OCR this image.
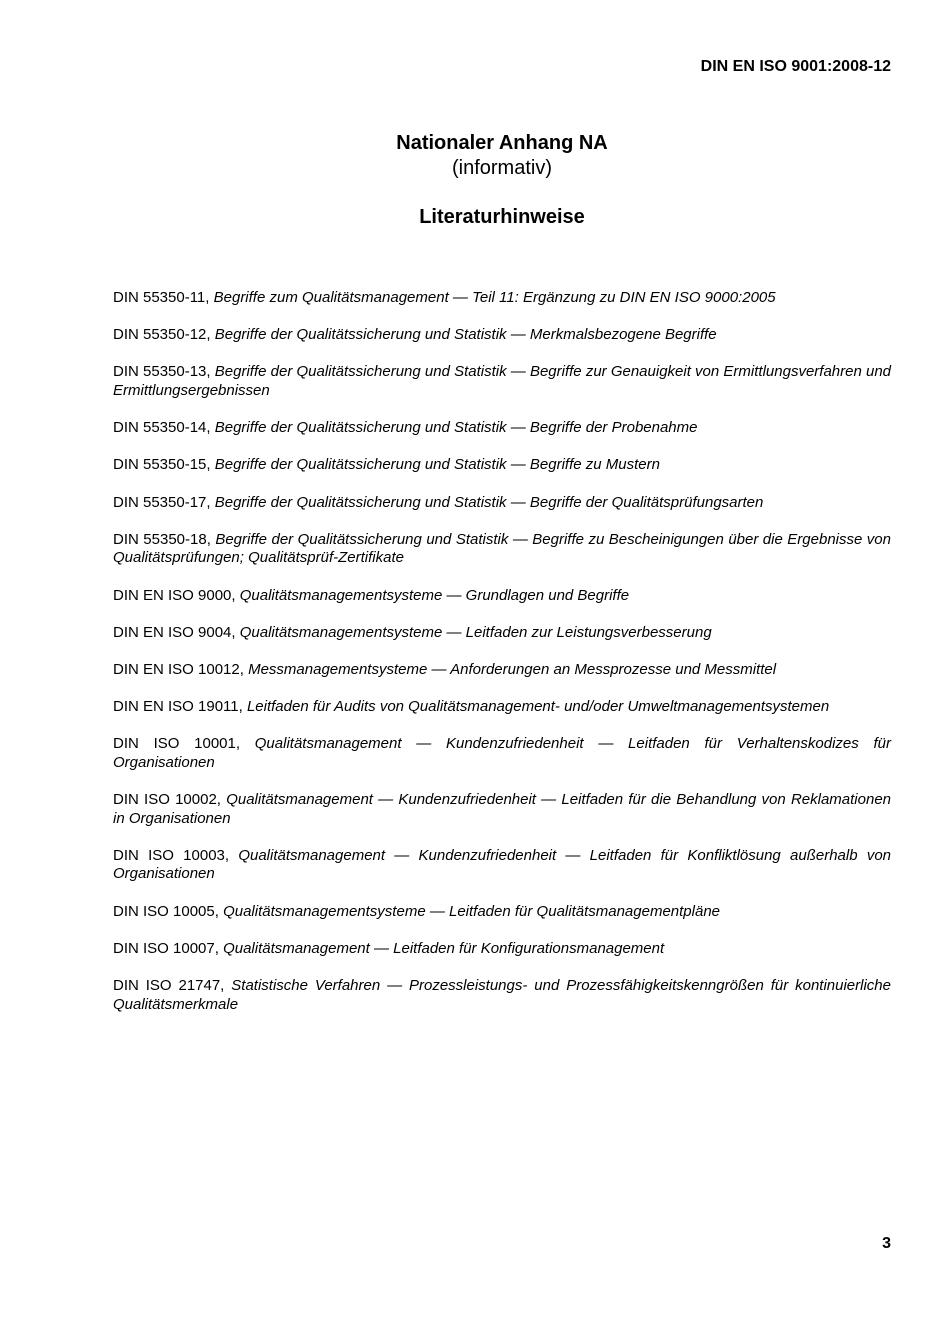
DIN EN ISO 9001:2008-12
Nationaler Anhang NA
(informativ)
Literaturhinweise

DIN 55350-11, Begriffe zum Qualitätsmanagement — Teil 11: Ergänzung zu DIN EN ISO 9000:2005

DIN 55350-12, Begriffe der Qualitätssicherung und Statistik — Merkmalsbezogene Begriffe

DIN 55350-13, Begriffe der Qualitätssicherung und Statistik — Begriffe zur Genauigkeit von Ermittlungsverfahren und Ermittlungsergebnissen

DIN 55350-14, Begriffe der Qualitätssicherung und Statistik — Begriffe der Probenahme

DIN 55350-15, Begriffe der Qualitätssicherung und Statistik — Begriffe zu Mustern

DIN 55350-17, Begriffe der Qualitätssicherung und Statistik — Begriffe der Qualitätsprüfungsarten

DIN 55350-18, Begriffe der Qualitätssicherung und Statistik — Begriffe zu Bescheinigungen über die Ergebnisse von Qualitätsprüfungen; Qualitätsprüf-Zertifikate

DIN EN ISO 9000, Qualitätsmanagementsysteme — Grundlagen und Begriffe

DIN EN ISO 9004, Qualitätsmanagementsysteme — Leitfaden zur Leistungsverbesserung

DIN EN ISO 10012, Messmanagementsysteme — Anforderungen an Messprozesse und Messmittel

DIN EN ISO 19011, Leitfaden für Audits von Qualitätsmanagement- und/oder Umweltmanagementsystemen

DIN ISO 10001, Qualitätsmanagement — Kundenzufriedenheit — Leitfaden für Verhaltenskodizes für Organisationen

DIN ISO 10002, Qualitätsmanagement — Kundenzufriedenheit — Leitfaden für die Behandlung von Reklamationen in Organisationen

DIN ISO 10003, Qualitätsmanagement — Kundenzufriedenheit — Leitfaden für Konfliktlösung außerhalb von Organisationen

DIN ISO 10005, Qualitätsmanagementsysteme — Leitfaden für Qualitätsmanagementpläne

DIN ISO 10007, Qualitätsmanagement — Leitfaden für Konfigurationsmanagement

DIN ISO 21747, Statistische Verfahren — Prozessleistungs- und Prozessfähigkeitskenngrößen für kontinuierliche Qualitätsmerkmale

3
